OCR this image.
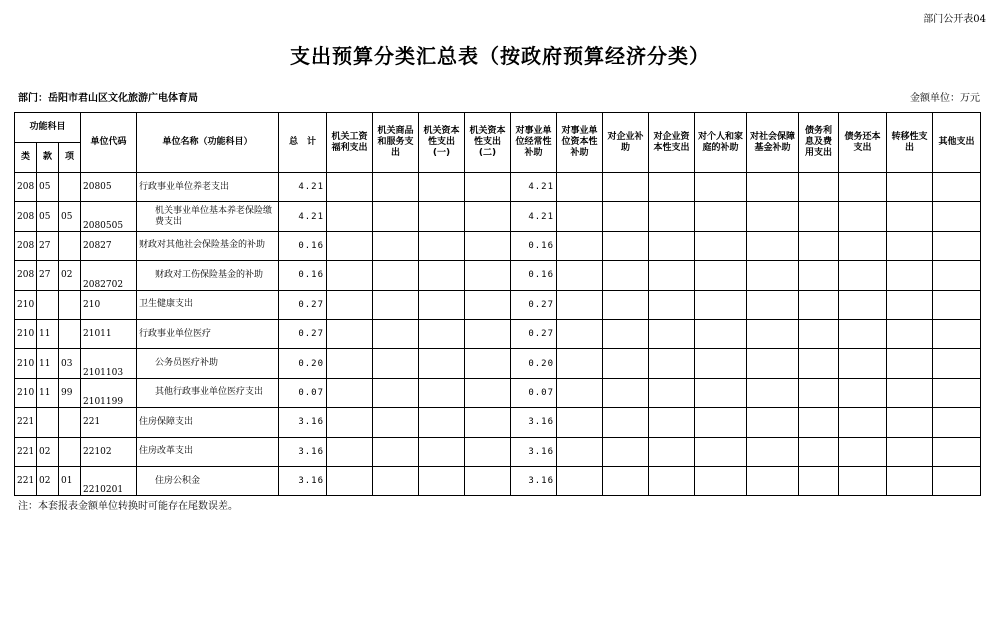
部门公开表04
支出预算分类汇总表（按政府预算经济分类）
部门：岳阳市君山区文化旅游广电体育局	金额单位：万元
功能科目			单位代码	单位名称（功能科目）	总　计	机关工资福利支出	机关商品和服务支出	机关资本性支出(一)	机关资本性支出(二)	对事业单位经常性补助	对事业单位资本性补助	对企业补助	对企业资本性支出	对个人和家庭的补助	对社会保障基金补助	债务利息及费用支出	债务还本支出	转移性支出	其他支出
类	款	项																	
208	05		20805	行政事业单位养老支出	4.21					4.21									
208	05	05	2080505	机关事业单位基本养老保险缴费支出	4.21					4.21									
208	27		20827	财政对其他社会保险基金的补助	0.16					0.16									
208	27	02	2082702	财政对工伤保险基金的补助	0.16					0.16									
210			210	卫生健康支出	0.27					0.27									
210	11		21011	行政事业单位医疗	0.27					0.27									
210	11	03	2101103	公务员医疗补助	0.20					0.20									
210	11	99	2101199	其他行政事业单位医疗支出	0.07					0.07									
221			221	住房保障支出	3.16					3.16									
221	02		22102	住房改革支出	3.16					3.16									
221	02	01	2210201	住房公积金	3.16					3.16									
注：本套报表金额单位转换时可能存在尾数误差。
